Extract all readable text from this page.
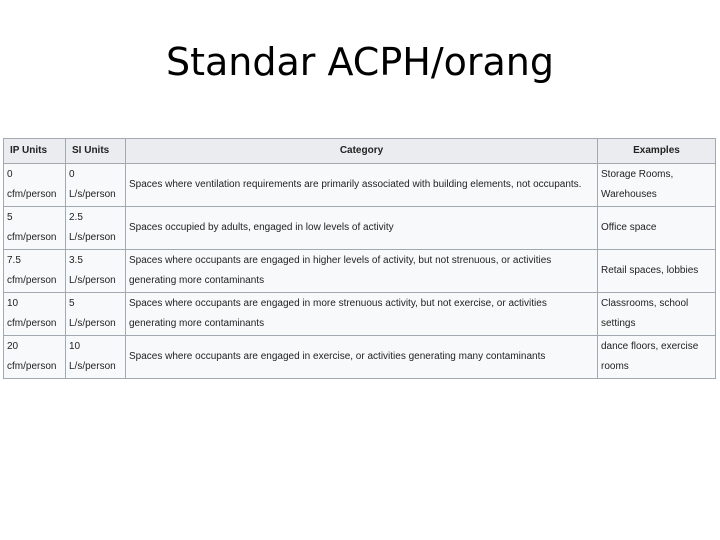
Standar ACPH/orang
IP Units	SI Units	Category	Examples
0 cfm/person	0 L/s/person	Spaces where ventilation requirements are primarily associated with building elements, not occupants.	Storage Rooms, Warehouses
5 cfm/person	2.5 L/s/person	Spaces occupied by adults, engaged in low levels of activity	Office space
7.5 cfm/person	3.5 L/s/person	Spaces where occupants are engaged in higher levels of activity, but not strenuous, or activities generating more contaminants	Retail spaces, lobbies
10 cfm/person	5 L/s/person	Spaces where occupants are engaged in more strenuous activity, but not exercise, or activities generating more contaminants	Classrooms, school settings
20 cfm/person	10 L/s/person	Spaces where occupants are engaged in exercise, or activities generating many contaminants	dance floors, exercise rooms
